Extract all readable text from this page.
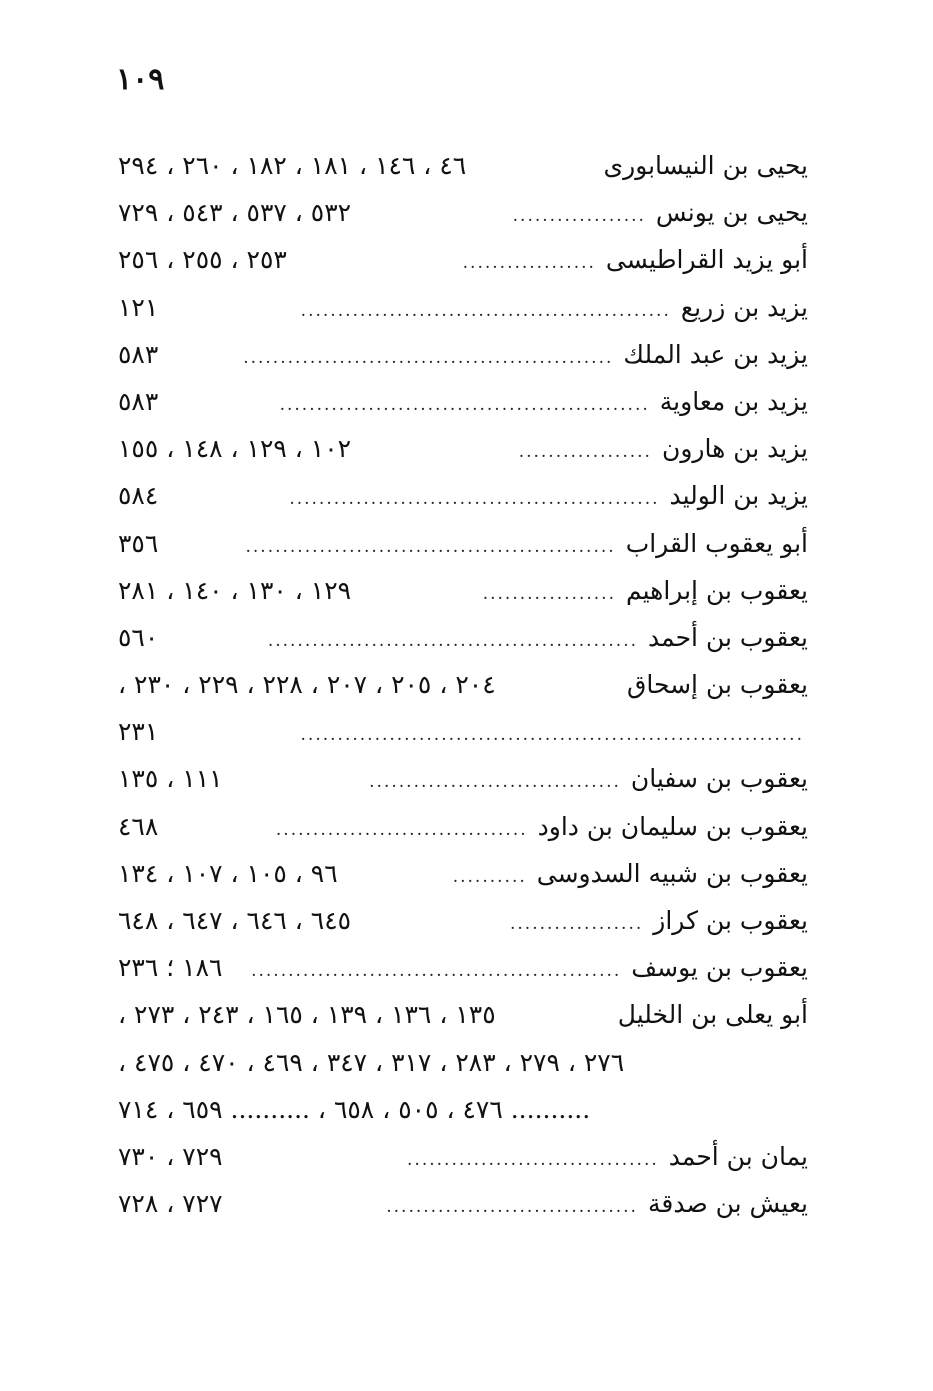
١٠٩
يحيى بن النيسابورى
٤٦ ، ١٤٦ ، ١٨١ ، ١٨٢ ، ٢٦٠ ، ٢٩٤
يحيى بن يونس
..................
٥٣٢ ، ٥٣٧ ، ٥٤٣ ، ٧٢٩
أبو يزيد القراطيسى
..................
٢٥٣ ، ٢٥٥ ، ٢٥٦
يزيد بن زريع
..................................................
١٢١
يزيد بن عبد الملك
..................................................
٥٨٣
يزيد بن معاوية
..................................................
٥٨٣
يزيد بن هارون
..................
١٠٢ ، ١٢٩ ، ١٤٨ ، ١٥٥
يزيد بن الوليد
..................................................
٥٨٤
أبو يعقوب القراب
..................................................
٣٥٦
يعقوب بن إبراهيم
..................
١٢٩ ، ١٣٠ ، ١٤٠ ، ٢٨١
يعقوب بن أحمد
..................................................
٥٦٠
يعقوب بن إسحاق
٢٠٤ ، ٢٠٥ ، ٢٠٧ ، ٢٢٨ ، ٢٢٩ ، ٢٣٠ ،
....................................................................
٢٣١
يعقوب بن سفيان
..................................
١١١ ، ١٣٥
يعقوب بن سليمان بن داود
..................................
٤٦٨
يعقوب بن شبيه السدوسى
..........
٩٦ ، ١٠٥ ، ١٠٧ ، ١٣٤
يعقوب بن كراز
..................
٦٤٥ ، ٦٤٦ ، ٦٤٧ ، ٦٤٨
يعقوب بن يوسف
..................................................
١٨٦ ؛ ٢٣٦
أبو يعلى بن الخليل
١٣٥ ، ١٣٦ ، ١٣٩ ، ١٦٥ ، ٢٤٣ ، ٢٧٣ ،
٢٧٦ ، ٢٧٩ ، ٢٨٣ ، ٣١٧ ، ٣٤٧ ، ٤٦٩ ، ٤٧٠ ، ٤٧٥ ،
.......... ٤٧٦ ، ٥٠٥ ، ٦٥٨ ، .......... ٦٥٩ ، ٧١٤
يمان بن أحمد
..................................
٧٢٩ ، ٧٣٠
يعيش بن صدقة
..................................
٧٢٧ ، ٧٢٨
